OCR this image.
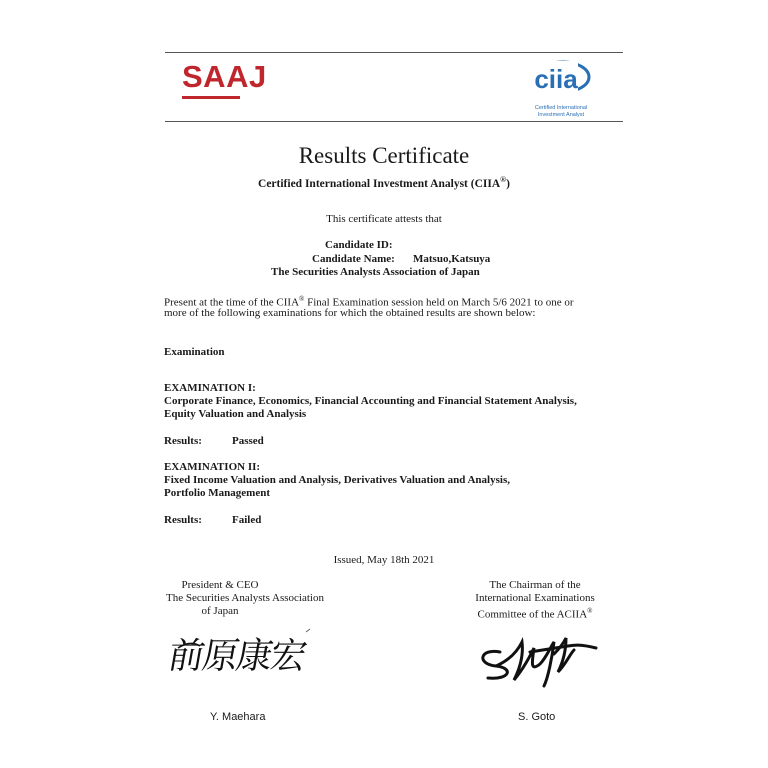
SAAJ	ciia
Certified International
Investment Analyst
Results Certificate
Certified International Investment Analyst (CIIA®)
This certificate attests that
Candidate ID:
Candidate Name: Matsuo,Katsuya
The Securities Analysts Association of Japan
Present at the time of the CIIA® Final Examination session held on March 5/6 2021 to one or
more of the following examinations for which the obtained results are shown below:
Examination
EXAMINATION I:
Corporate Finance, Economics, Financial Accounting and Financial Statement Analysis,
Equity Valuation and Analysis
Results:	Passed
EXAMINATION II:
Fixed Income Valuation and Analysis, Derivatives Valuation and Analysis,
Portfolio Management
Results:	Failed
Issued, May 18th 2021
President & CEO
The Securities Analysts Association
of Japan
前原康宏
Y. Maehara
The Chairman of the
International Examinations
Committee of the ACIIA®
S. Goto
